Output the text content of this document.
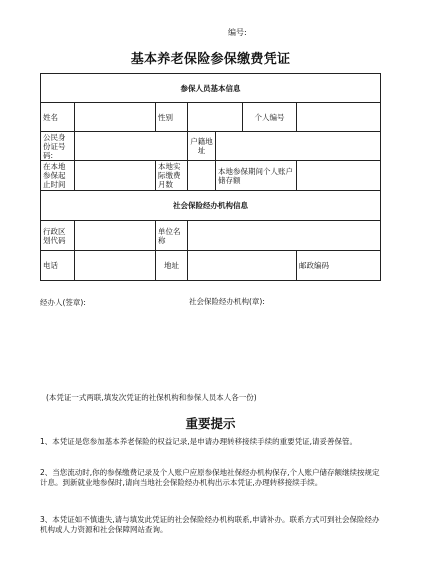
编号:
基本养老保险参保缴费凭证
参保人员基本信息						
姓名		性别			个人编号	
公民身份证号码:			户籍地址			
在本地参保起止时间		本地实际缴费月数		本地参保期间个人账户储存额		
社会保险经办机构信息						
行政区划代码		单位名称				
电话		地址				邮政编码
经办人(签章):	社会保险经办机构(章):
(本凭证一式两联,填发次凭证的社保机构和参保人员本人各一份)
重要提示
1、本凭证是您参加基本养老保险的权益记录,是申请办理转移接续手续的重要凭证,请妥善保管。
2、当您流动时,你的参保缴费记录及个人账户应原参保地社保经办机构保存,个人账户储存额继续按规定计息。到新就业地参保时,请向当地社会保险经办机构出示本凭证,办理转移接续手续。
3、本凭证如不慎遗失,请与填发此凭证的社会保险经办机构联系,申请补办。联系方式可到社会保险经办机构或人力资源和社会保障网站查询。
